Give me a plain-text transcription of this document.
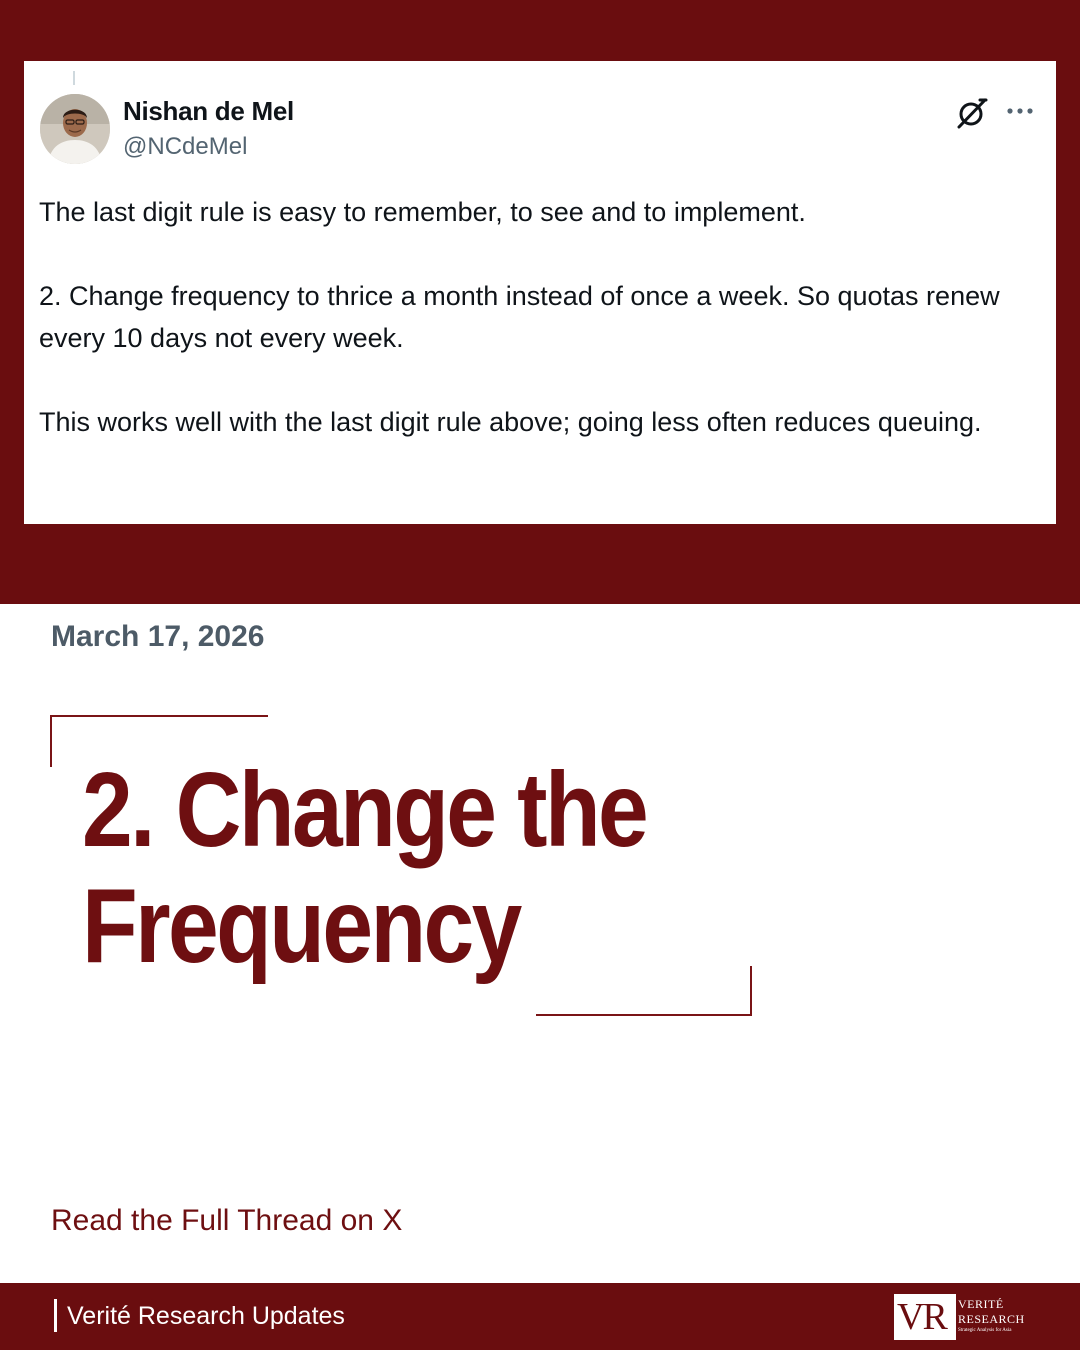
Nishan de Mel
@NCdeMel

The last digit rule is easy to remember, to see and to implement.

2. Change frequency to thrice a month instead of once a week. So quotas renew every 10 days not every week.

This works well with the last digit rule above; going less often reduces queuing.

March 17, 2026
2. Change the
Frequency
Read the Full Thread on X
Verité Research Updates	VR VERITÉ
RESEARCH
Strategic Analysis for Asia
